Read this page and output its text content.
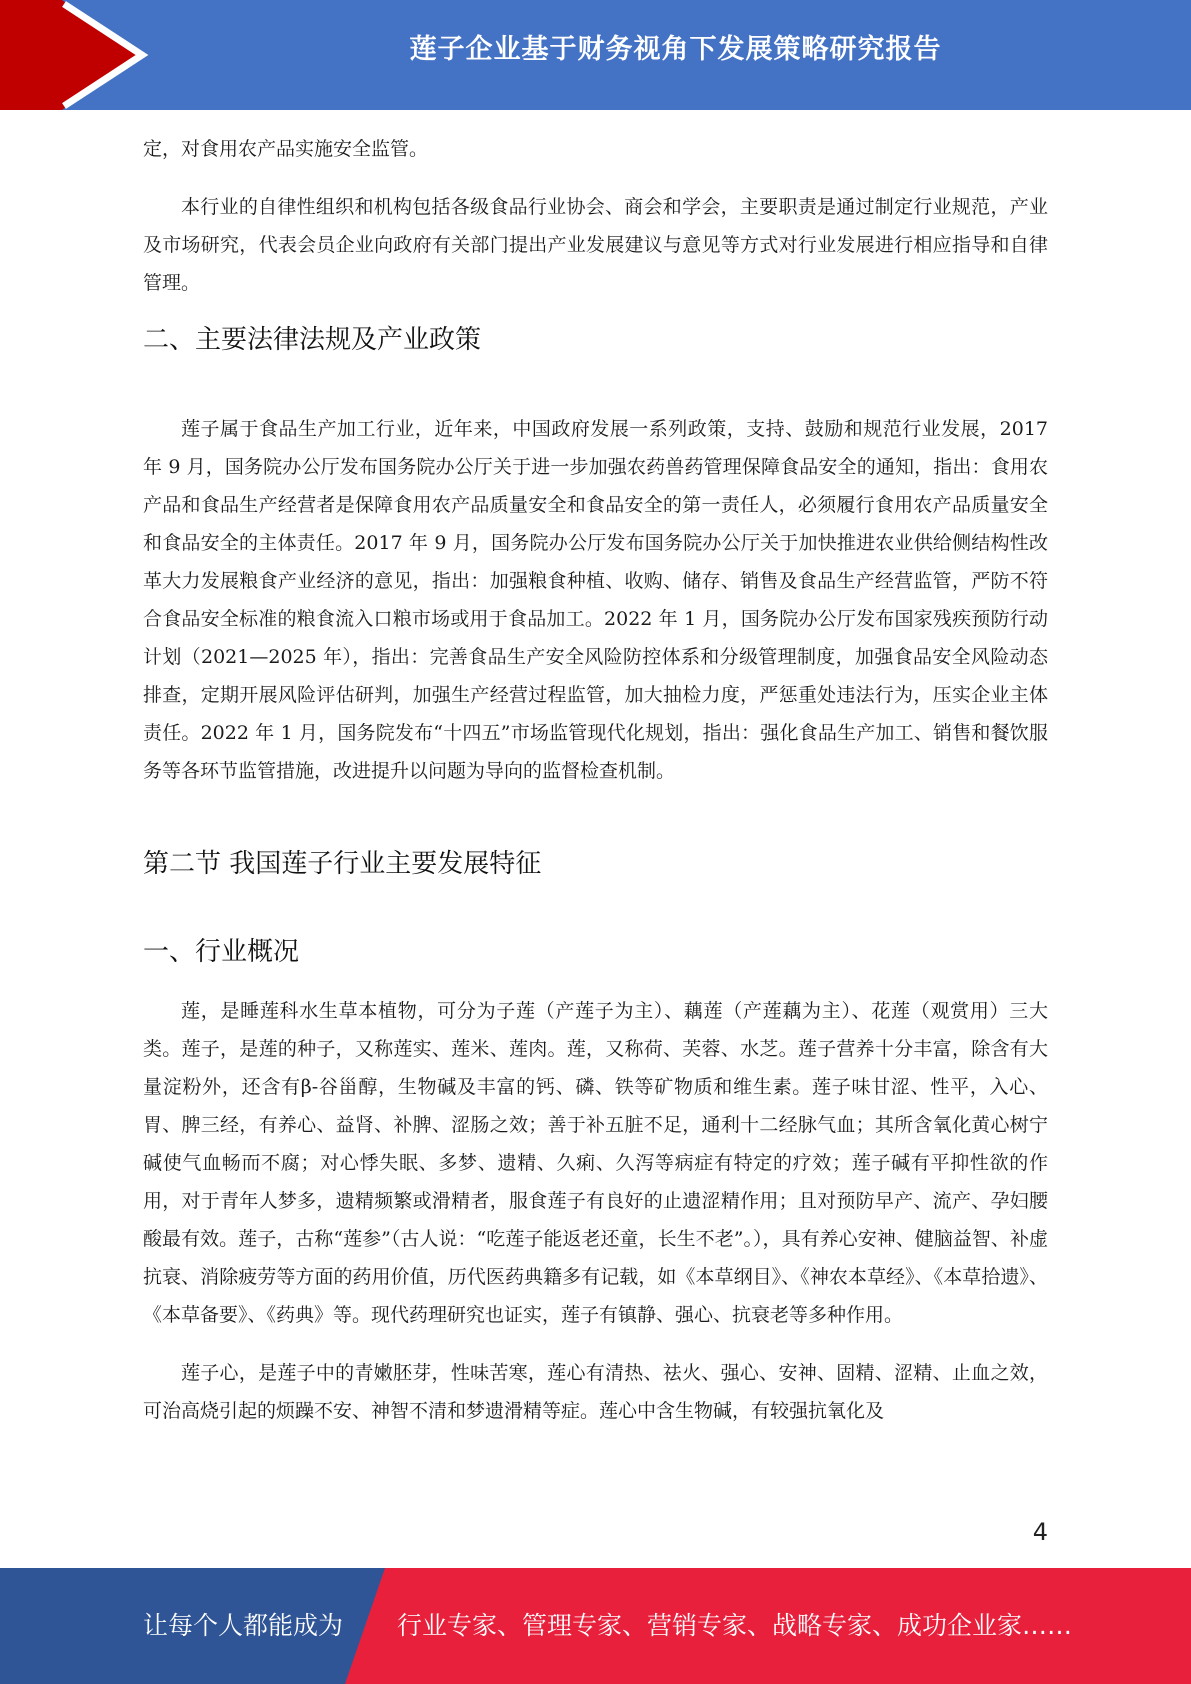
莲子企业基于财务视角下发展策略研究报告

定，对食用农产品实施安全监管。

本行业的自律性组织和机构包括各级食品行业协会、商会和学会，主要职责是通过制定行业规范，产业及市场研究，代表会员企业向政府有关部门提出产业发展建议与意见等方式对行业发展进行相应指导和自律管理。

二、主要法律法规及产业政策

莲子属于食品生产加工行业，近年来，中国政府发展一系列政策，支持、鼓励和规范行业发展，2017 年 9 月，国务院办公厅发布国务院办公厅关于进一步加强农药兽药管理保障食品安全的通知，指出：食用农产品和食品生产经营者是保障食用农产品质量安全和食品安全的第一责任人，必须履行食用农产品质量安全和食品安全的主体责任。2017 年 9 月，国务院办公厅发布国务院办公厅关于加快推进农业供给侧结构性改革大力发展粮食产业经济的意见，指出：加强粮食种植、收购、储存、销售及食品生产经营监管，严防不符合食品安全标准的粮食流入口粮市场或用于食品加工。2022 年 1 月，国务院办公厅发布国家残疾预防行动计划（2021—2025 年），指出：完善食品生产安全风险防控体系和分级管理制度，加强食品安全风险动态排查，定期开展风险评估研判，加强生产经营过程监管，加大抽检力度，严惩重处违法行为，压实企业主体责任。2022 年 1 月，国务院发布“十四五”市场监管现代化规划，指出：强化食品生产加工、销售和餐饮服务等各环节监管措施，改进提升以问题为导向的监督检查机制。

第二节 我国莲子行业主要发展特征
一、行业概况

莲，是睡莲科水生草本植物，可分为子莲（产莲子为主）、藕莲（产莲藕为主）、花莲（观赏用）三大类。莲子，是莲的种子，又称莲实、莲米、莲肉。莲，又称荷、芙蓉、水芝。莲子营养十分丰富，除含有大量淀粉外，还含有β-谷甾醇，生物碱及丰富的钙、磷、铁等矿物质和维生素。莲子味甘涩、性平，入心、胃、脾三经，有养心、益肾、补脾、涩肠之效；善于补五脏不足，通利十二经脉气血；其所含氧化黄心树宁碱使气血畅而不腐；对心悸失眠、多梦、遗精、久痢、久泻等病症有特定的疗效；莲子碱有平抑性欲的作用，对于青年人梦多，遗精频繁或滑精者，服食莲子有良好的止遗涩精作用；且对预防早产、流产、孕妇腰酸最有效。莲子，古称“莲参”（古人说：“吃莲子能返老还童，长生不老”。），具有养心安神、健脑益智、补虚抗衰、消除疲劳等方面的药用价值，历代医药典籍多有记载，如《本草纲目》、《神农本草经》、《本草拾遗》、《本草备要》、《药典》等。现代药理研究也证实，莲子有镇静、强心、抗衰老等多种作用。

莲子心，是莲子中的青嫩胚芽，性味苦寒，莲心有清热、祛火、强心、安神、固精、涩精、止血之效，可治高烧引起的烦躁不安、神智不清和梦遗滑精等症。莲心中含生物碱，有较强抗氧化及

4
让每个人都能成为 行业专家、管理专家、营销专家、战略专家、成功企业家……
